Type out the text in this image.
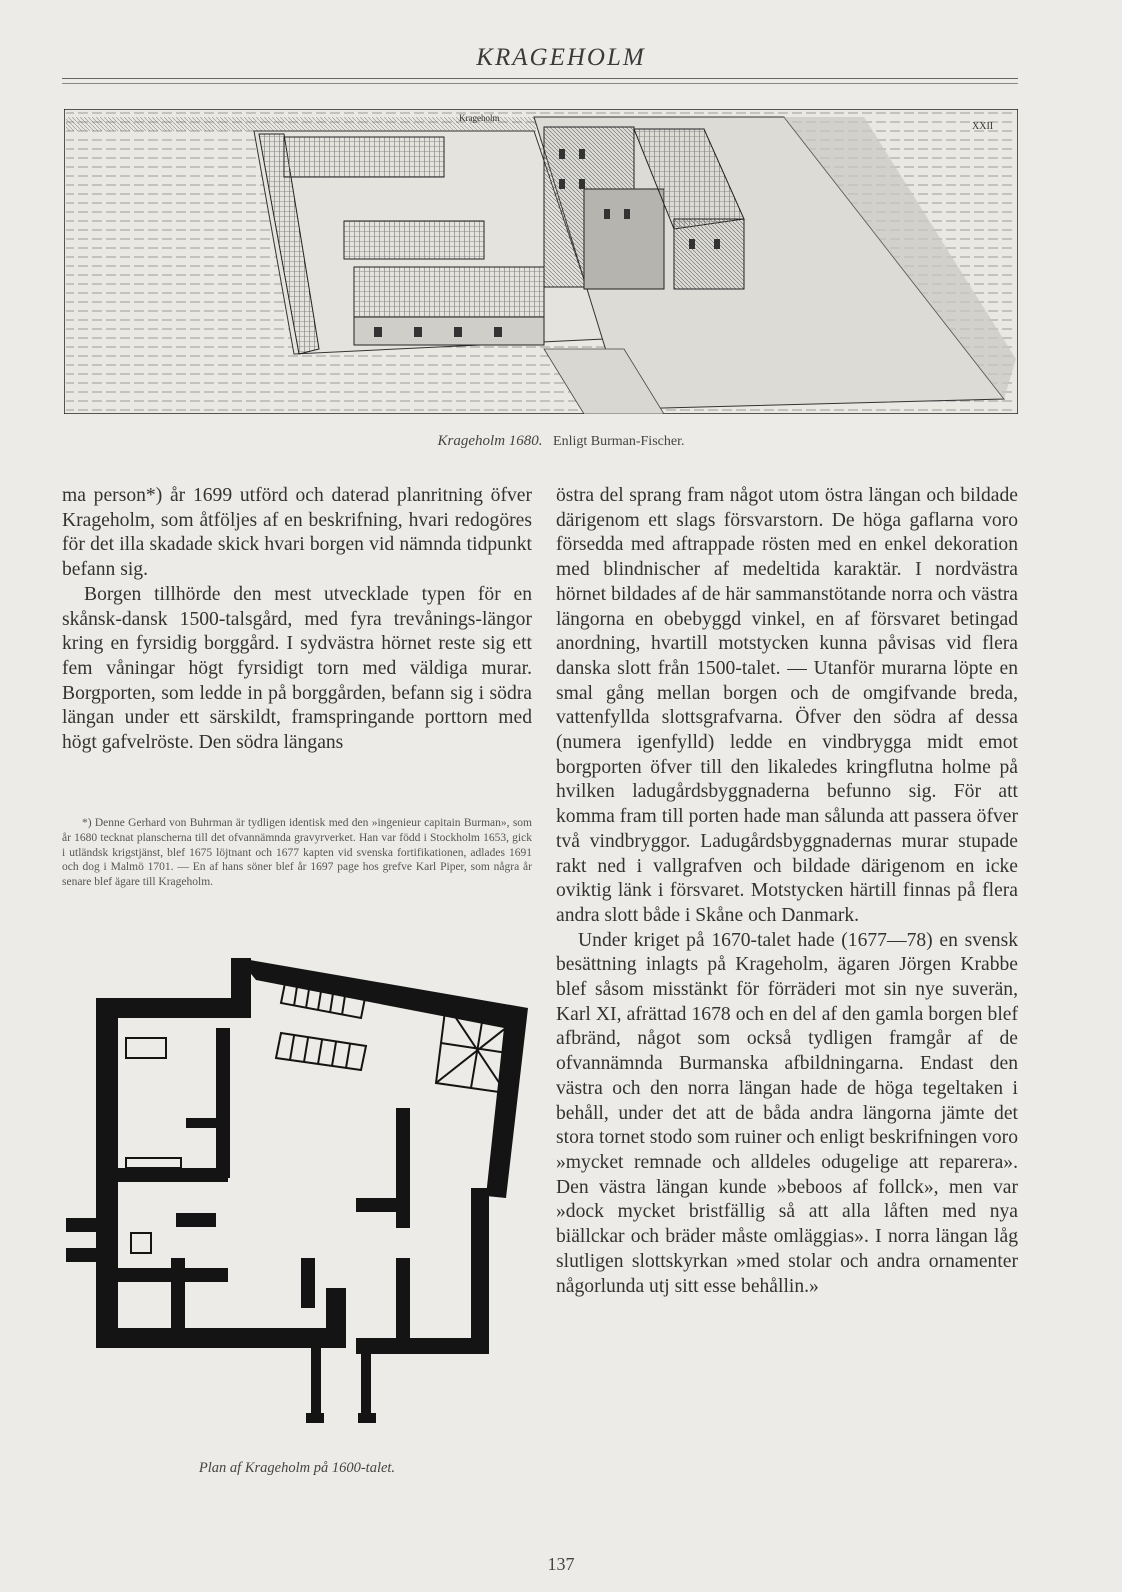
KRAGEHOLM
Krageholm
XXII
Krageholm 1680. Enligt Burman-Fischer.

ma person*) år 1699 utförd och daterad planritning öfver Krageholm, som åtföljes af en beskrifning, hvari redogöres för det illa skadade skick hvari borgen vid nämnda tidpunkt befann sig.

Borgen tillhörde den mest utvecklade typen för en skånsk-dansk 1500-talsgård, med fyra trevånings-längor kring en fyrsidig borggård. I sydvästra hörnet reste sig ett fem våningar högt fyrsidigt torn med väldiga murar. Borgporten, som ledde in på borggården, befann sig i södra längan under ett särskildt, framspringande porttorn med högt gafvelröste. Den södra längans

*) Denne Gerhard von Buhrman är tydligen identisk med den »ingenieur capitain Burman», som år 1680 tecknat planscherna till det ofvannämnda gravyrverket. Han var född i Stockholm 1653, gick i utländsk krigstjänst, blef 1675 löjtnant och 1677 kapten vid svenska fortifikationen, adlades 1691 och dog i Malmö 1701. — En af hans söner blef år 1697 page hos grefve Karl Piper, som några år senare blef ägare till Krageholm.
Plan af Krageholm på 1600-talet.

östra del sprang fram något utom östra längan och bildade därigenom ett slags försvarstorn. De höga gaflarna voro försedda med aftrappade rösten med en enkel dekoration med blindnischer af medeltida karaktär. I nordvästra hörnet bildades af de här sammanstötande norra och västra längorna en obebyggd vinkel, en af försvaret betingad anordning, hvartill motstycken kunna påvisas vid flera danska slott från 1500-talet. — Utanför murarna löpte en smal gång mellan borgen och de omgifvande breda, vattenfyllda slottsgrafvarna. Öfver den södra af dessa (numera igenfylld) ledde en vindbrygga midt emot borgporten öfver till den likaledes kringflutna holme på hvilken ladugårdsbyggnaderna befunno sig. För att komma fram till porten hade man sålunda att passera öfver två vindbryggor. Ladugårdsbyggnadernas murar stupade rakt ned i vallgrafven och bildade därigenom en icke oviktig länk i försvaret. Motstycken härtill finnas på flera andra slott både i Skåne och Danmark.

Under kriget på 1670-talet hade (1677—78) en svensk besättning inlagts på Krageholm, ägaren Jörgen Krabbe blef såsom misstänkt för förräderi mot sin nye suverän, Karl XI, afrättad 1678 och en del af den gamla borgen blef afbränd, något som också tydligen framgår af de ofvannämnda Burmanska afbildningarna. Endast den västra och den norra längan hade de höga tegeltaken i behåll, under det att de båda andra längorna jämte det stora tornet stodo som ruiner och enligt beskrifningen voro »mycket remnade och alldeles odugelige att reparera». Den västra längan kunde »beboos af follck», men var »dock mycket bristfällig så att alla låften med nya biällckar och bräder måste omläggias». I norra längan låg slutligen slottskyrkan »med stolar och andra ornamenter någorlunda utj sitt esse behållin.»

137
